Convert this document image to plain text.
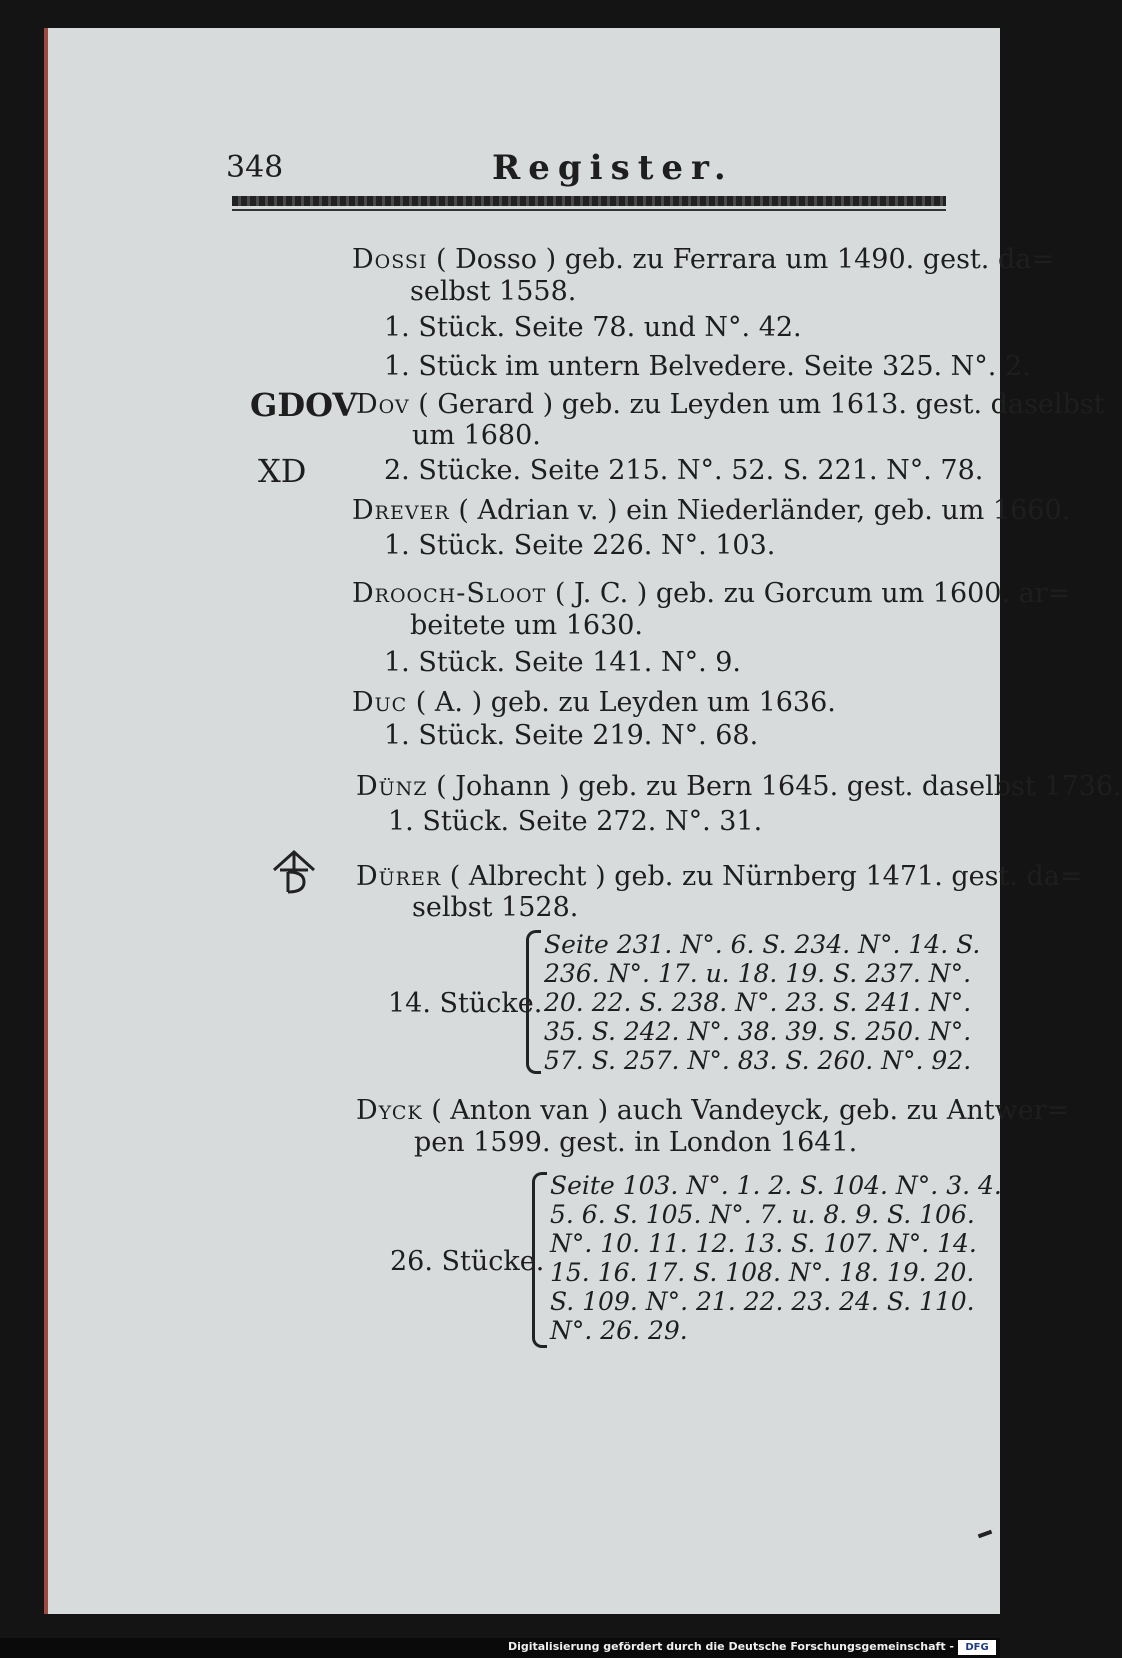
348	Register.
Dossi ( Dosso ) geb. zu Ferrara um 1490. gest. da=
selbst 1558.
1. Stück. Seite 78. und N°. 42.
1. Stück im untern Belvedere. Seite 325. N°. 2.
GDOV
Dov ( Gerard ) geb. zu Leyden um 1613. gest. daselbst
um 1680.
XD	2. Stücke. Seite 215. N°. 52. S. 221. N°. 78.
Drever ( Adrian v. ) ein Niederländer, geb. um 1660.
1. Stück. Seite 226. N°. 103.
Drooch-Sloot ( J. C. ) geb. zu Gorcum um 1600. ar=
beitete um 1630.
1. Stück. Seite 141. N°. 9.
Duc ( A. ) geb. zu Leyden um 1636.
1. Stück. Seite 219. N°. 68.
Dünz ( Johann ) geb. zu Bern 1645. gest. daselbst 1736.
1. Stück. Seite 272. N°. 31.
Dürer ( Albrecht ) geb. zu Nürnberg 1471. gest. da=
selbst 1528.
14. Stücke.
Seite 231. N°. 6. S. 234. N°. 14. S.
236. N°. 17. u. 18. 19. S. 237. N°.
20. 22. S. 238. N°. 23. S. 241. N°.
35. S. 242. N°. 38. 39. S. 250. N°.
57. S. 257. N°. 83. S. 260. N°. 92.
Dyck ( Anton van ) auch Vandeyck, geb. zu Antwer=
pen 1599. gest. in London 1641.
26. Stücke.
Seite 103. N°. 1. 2. S. 104. N°. 3. 4.
5. 6. S. 105. N°. 7. u. 8. 9. S. 106.
N°. 10. 11. 12. 13. S. 107. N°. 14.
15. 16. 17. S. 108. N°. 18. 19. 20.
S. 109. N°. 21. 22. 23. 24. S. 110.
N°. 26. 29.
Digitalisierung gefördert durch die Deutsche Forschungsgemeinschaft -	DFG
